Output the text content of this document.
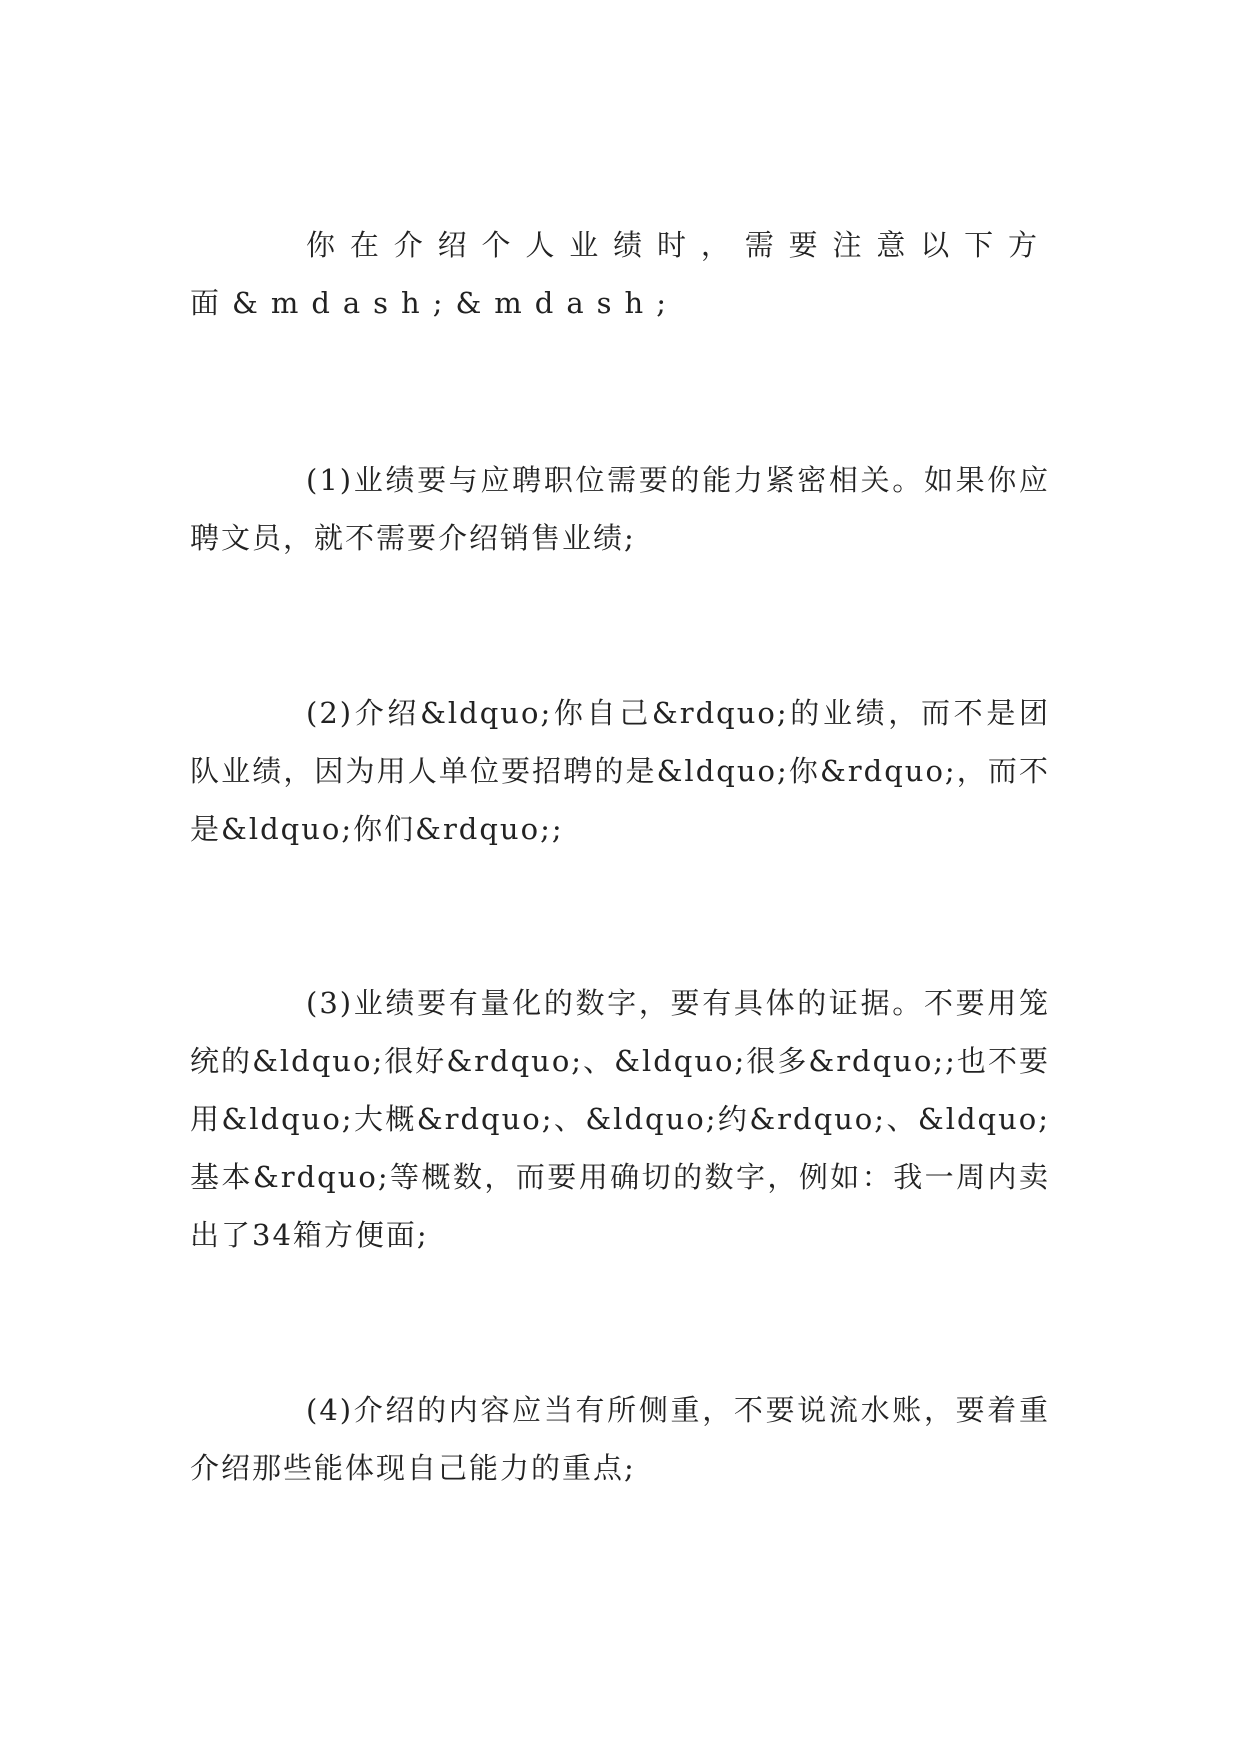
你在介绍个人业绩时，需要注意以下方面&mdash;&mdash;

(1)业绩要与应聘职位需要的能力紧密相关。如果你应聘文员，就不需要介绍销售业绩;

(2)介绍&ldquo;你自己&rdquo;的业绩，而不是团队业绩，因为用人单位要招聘的是&ldquo;你&rdquo;，而不是&ldquo;你们&rdquo;;

(3)业绩要有量化的数字，要有具体的证据。不要用笼统的&ldquo;很好&rdquo;、&ldquo;很多&rdquo;;也不要用&ldquo;大概&rdquo;、&ldquo;约&rdquo;、&ldquo;基本&rdquo;等概数，而要用确切的数字，例如：我一周内卖出了34箱方便面;

(4)介绍的内容应当有所侧重，不要说流水账，要着重介绍那些能体现自己能力的重点;
